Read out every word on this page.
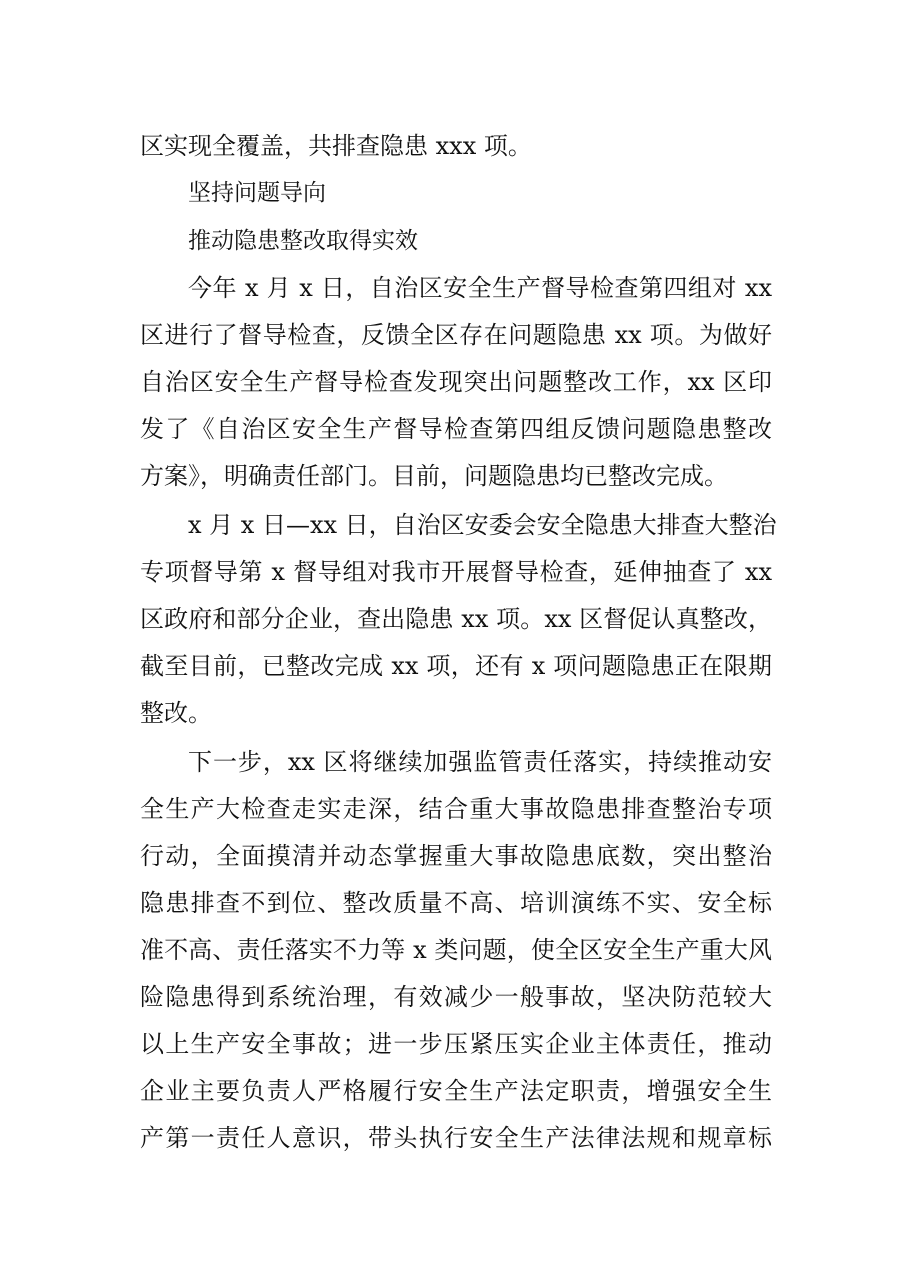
区实现全覆盖，共排查隐患 xxx 项。
坚持问题导向
推动隐患整改取得实效
今年 x 月 x 日，自治区安全生产督导检查第四组对 xx
区进行了督导检查，反馈全区存在问题隐患 xx 项。为做好
自治区安全生产督导检查发现突出问题整改工作，xx 区印
发了《自治区安全生产督导检查第四组反馈问题隐患整改
方案》，明确责任部门。目前，问题隐患均已整改完成。
x 月 x 日—xx 日，自治区安委会安全隐患大排查大整治
专项督导第 x 督导组对我市开展督导检查，延伸抽查了 xx
区政府和部分企业，查出隐患 xx 项。xx 区督促认真整改，
截至目前，已整改完成 xx 项，还有 x 项问题隐患正在限期
整改。
下一步，xx 区将继续加强监管责任落实，持续推动安
全生产大检查走实走深，结合重大事故隐患排查整治专项
行动，全面摸清并动态掌握重大事故隐患底数，突出整治
隐患排查不到位、整改质量不高、培训演练不实、安全标
准不高、责任落实不力等 x 类问题，使全区安全生产重大风
险隐患得到系统治理，有效减少一般事故，坚决防范较大
以上生产安全事故；进一步压紧压实企业主体责任，推动
企业主要负责人严格履行安全生产法定职责，增强安全生
产第一责任人意识，带头执行安全生产法律法规和规章标
